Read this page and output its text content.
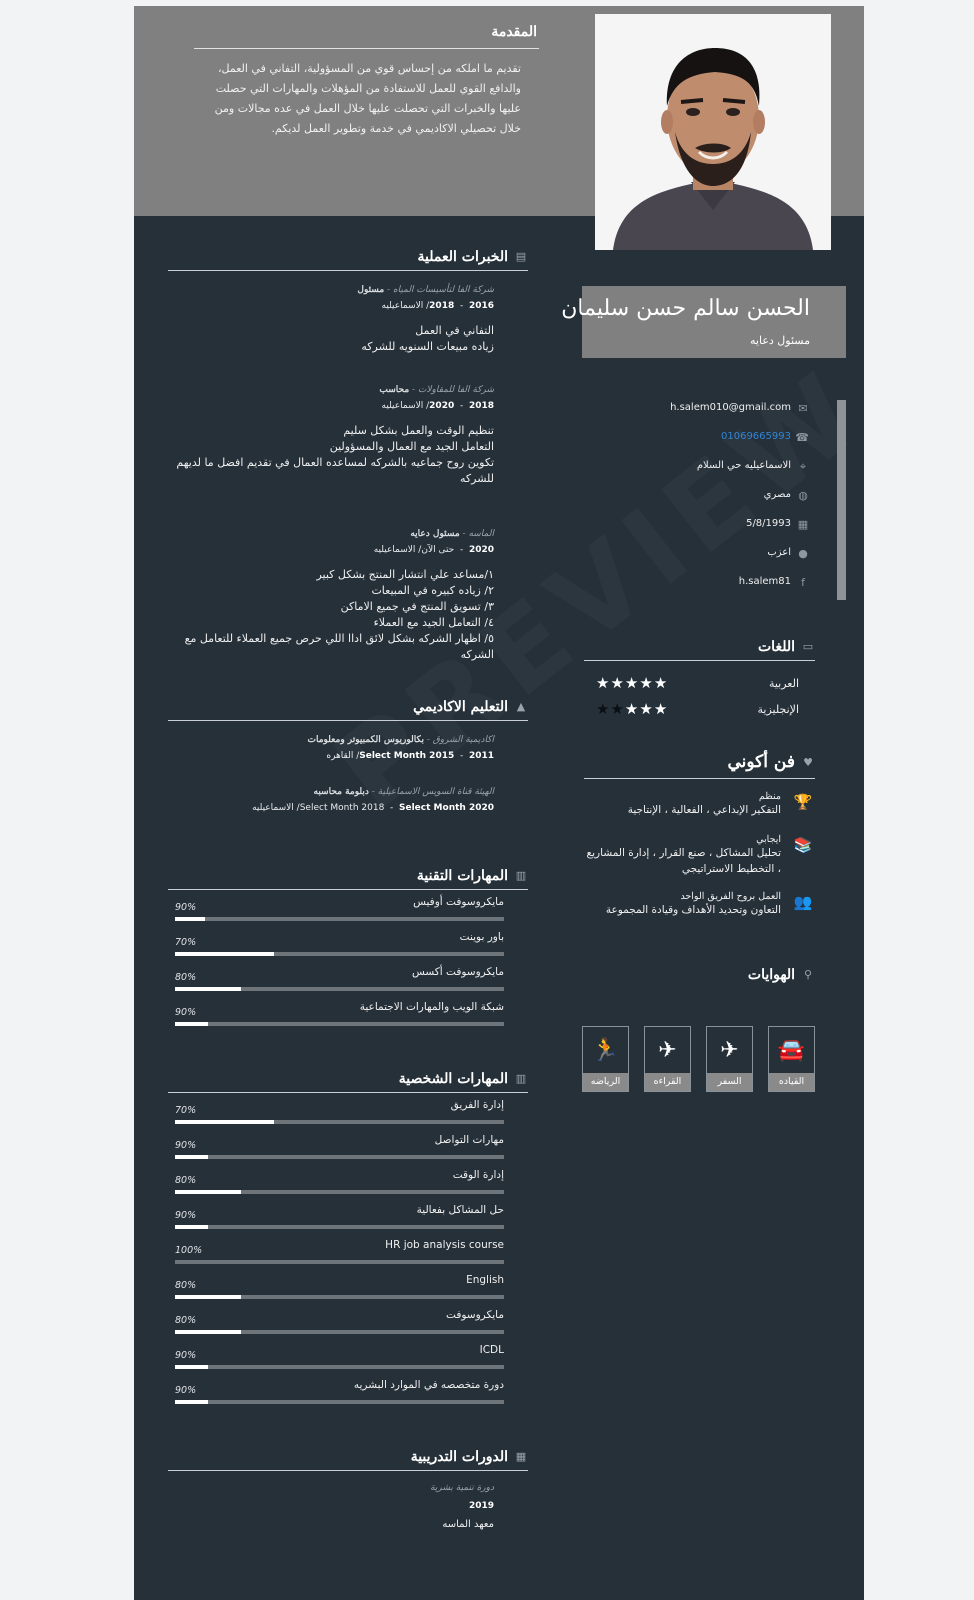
المقدمة

تقديم ما املكه من إحساس قوي من المسؤولية، التفاني في العمل، والدافع القوي للعمل للاستفادة من المؤهلات والمهارات التي حصلت عليها والخبرات التي تحصلت عليها خلال العمل في عده مجالات ومن خلال تحصيلي الاكاديمي في خدمة وتطوير العمل لديكم.

الحسن سالم حسن سليمان
مسئول دعايه
✉
h.salem010@gmail.com
☎
01069665993
⌖
الاسماعيليه حي السلام
◍
مصري
▦
5/8/1993
●
اعزب
f
h.salem81
▭اللغات
العربية
★★★★★
الإنجليزية
★★★★★
♥فن أكوني
🏆
منظم
التفكير الإبداعي ، الفعالية ، الإنتاجية
📚
ايجابي
تحليل المشاكل ، صنع القرار ، إدارة المشاريع ، التخطيط الاستراتيجي
👥
العمل بروح الفريق الواحد
التعاون وتحديد الأهداف وقيادة المجموعة
⚲الهوايات
🚘
القياده
✈
السفر
✈
القراءه
🏃
الرياضه
▤الخبرات العملية
شركة الفا لتأسيسات المياه - مسئول
2016  -  2018/ الاسماعيليه
التفاني في العمل
زياده مبيعات السنويه للشركه
شركة الفا للمقاولات - محاسب
2018  -  2020/ الاسماعيليه
تنظيم الوقت والعمل بشكل سليم
التعامل الجيد مع العمال والمسؤولين
تكوين روح جماعيه بالشركه لمساعده العمال في تقديم افضل ما لديهم للشركه
الماسه - مسئول دعايه
2020  -  حتى الآن/ الاسماعيليه
١/مساعد علي انتشار المنتج بشكل كبير
٢/ زياده كبيره في المبيعات
٣/ تسويق المنتج في جميع الاماكن
٤/ التعامل الجيد مع العملاء
٥/ اظهار الشركه بشكل لائق اداا اللي حرص جميع العملاء للتعامل مع الشركه
▲التعليم الاكاديمي
اكاديمية الشروق - بكالوريوس الكمبيوتر ومعلومات
2011  -  Select Month 2015/ القاهره
الهيئة قناة السويس الاسماعيلية - دبلومة محاسبه
Select Month 2018  -  Select Month 2020/ الاسماعيليه
▥المهارات التقنية
مايكروسوفت أوفيس
90%
باور بوينت
70%
مايكروسوفت أكسس
80%
شبكة الويب والمهارات الاجتماعية
90%
▥المهارات الشخصية
إدارة الفريق
70%
مهارات التواصل
90%
إدارة الوقت
80%
حل المشاكل بفعالية
90%
HR job analysis course
100%
English
80%
مايكروسوفت
80%
ICDL
90%
دورة متخصصه في الموارد البشريه
90%
▦الدورات التدريبية
دورة تنمية بشرية
2019
معهد الماسه
